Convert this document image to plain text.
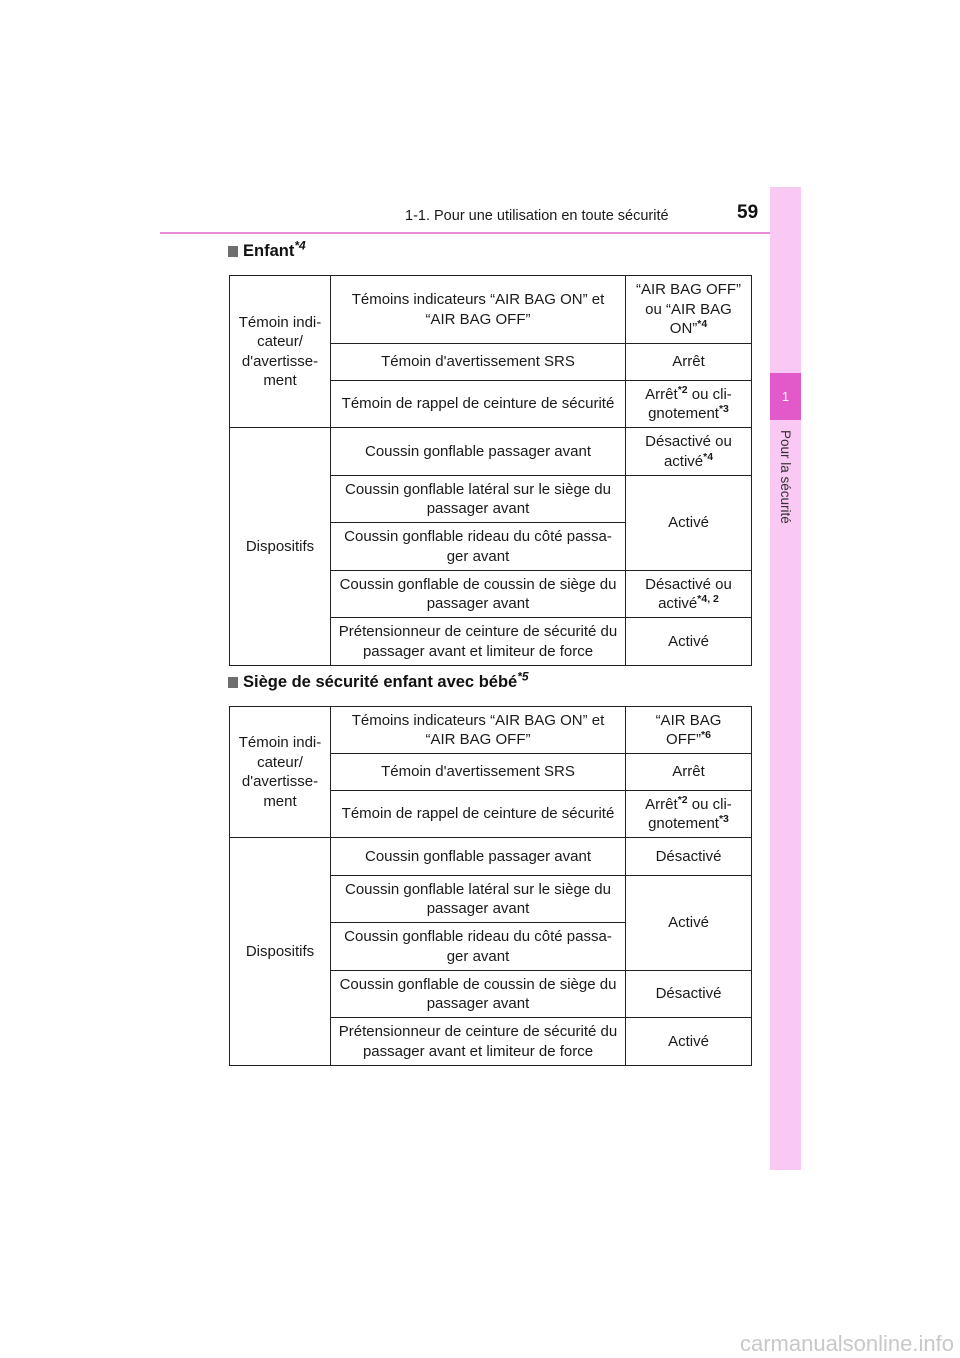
1-1. Pour une utilisation en toute sécurité	59
1
Pour la sécurité
Enfant$^{*4}$
Témoin indi-
cateur/
d'avertisse-
ment	Témoins indicateurs “AIR BAG ON” et
“AIR BAG OFF”	“AIR BAG OFF”
ou “AIR BAG
ON”$^{*4}$
	Témoin d'avertissement SRS	Arrêt
	Témoin de rappel de ceinture de sécurité	Arrêt$^{*2}$ ou cli-
gnotement$^{*3}$
Dispositifs	Coussin gonflable passager avant	Désactivé ou
activé$^{*4}$
	Coussin gonflable latéral sur le siège du
passager avant	Activé
	Coussin gonflable rideau du côté passa-
ger avant	
	Coussin gonflable de coussin de siège du
passager avant	Désactivé ou
activé$^{*4, 2}$
	Prétensionneur de ceinture de sécurité du
passager avant et limiteur de force	Activé
Siège de sécurité enfant avec bébé$^{*5}$
Témoin indi-
cateur/
d'avertisse-
ment	Témoins indicateurs “AIR BAG ON” et
“AIR BAG OFF”	“AIR BAG
OFF”$^{*6}$
	Témoin d'avertissement SRS	Arrêt
	Témoin de rappel de ceinture de sécurité	Arrêt$^{*2}$ ou cli-
gnotement$^{*3}$
Dispositifs	Coussin gonflable passager avant	Désactivé
	Coussin gonflable latéral sur le siège du
passager avant	Activé
	Coussin gonflable rideau du côté passa-
ger avant	
	Coussin gonflable de coussin de siège du
passager avant	Désactivé
	Prétensionneur de ceinture de sécurité du
passager avant et limiteur de force	Activé
carmanualsonline.info
